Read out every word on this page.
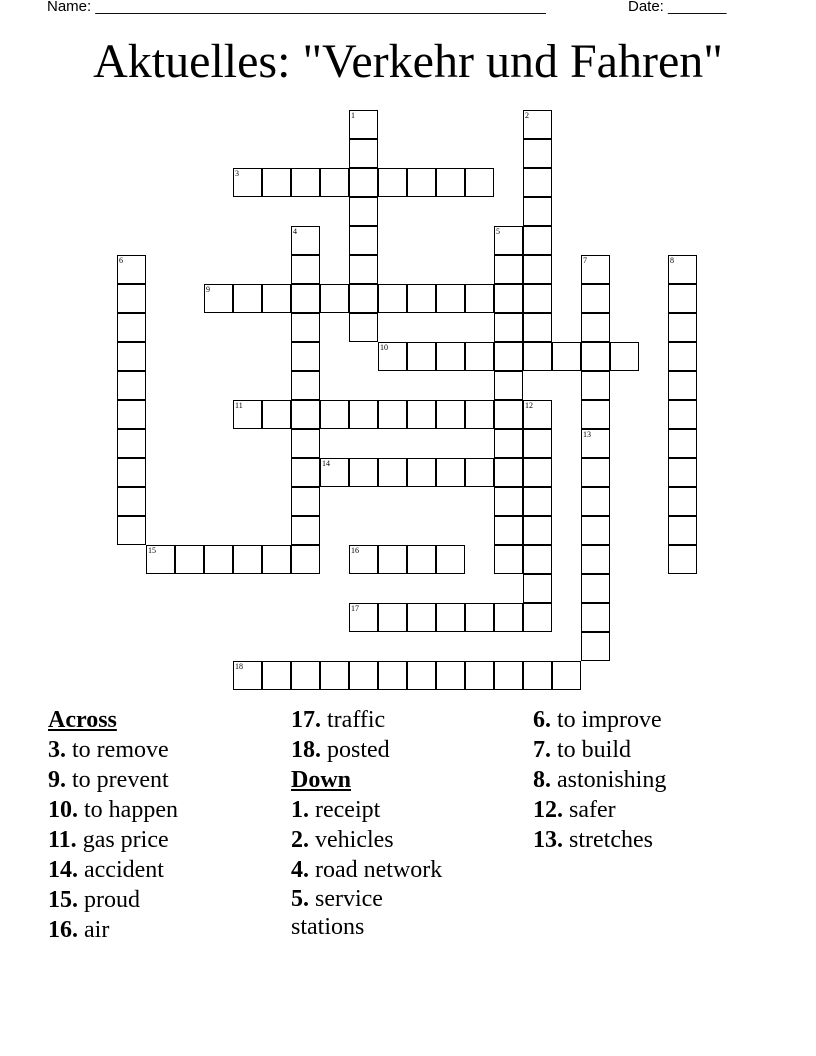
Name: ______________________________________________________	Date: _______
Aktuelles: "Verkehr und Fahren"
1	2
3
4	5
6	7	8
9
10
11	12
13
14
15	16
17
18

Across

3. to remove

9. to prevent

10. to happen

11. gas price

14. accident

15. proud

16. air

17. traffic

18. posted

Down

1. receipt

2. vehicles

4. road network

5. service stations

6. to improve

7. to build

8. astonishing

12. safer

13. stretches
